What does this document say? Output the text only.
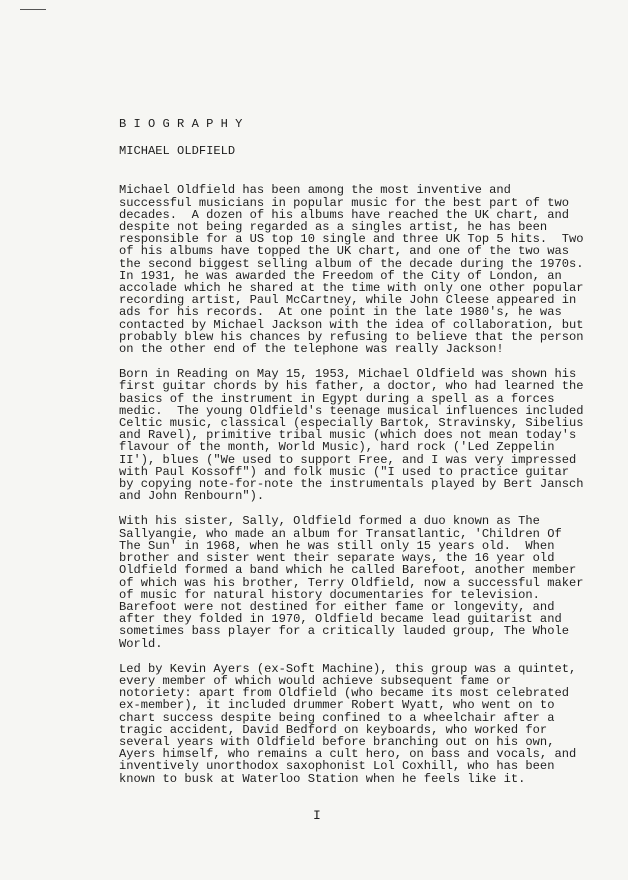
B I O G R A P H Y
MICHAEL OLDFIELD
Michael Oldfield has been among the most inventive and
successful musicians in popular music for the best part of two
decades.  A dozen of his albums have reached the UK chart, and
despite not being regarded as a singles artist, he has been
responsible for a US top 10 single and three UK Top 5 hits.  Two
of his albums have topped the UK chart, and one of the two was
the second biggest selling album of the decade during the 1970s.
In 1931, he was awarded the Freedom of the City of London, an
accolade which he shared at the time with only one other popular
recording artist, Paul McCartney, while John Cleese appeared in
ads for his records.  At one point in the late 1980's, he was
contacted by Michael Jackson with the idea of collaboration, but
probably blew his chances by refusing to believe that the person
on the other end of the telephone was really Jackson!
Born in Reading on May 15, 1953, Michael Oldfield was shown his
first guitar chords by his father, a doctor, who had learned the
basics of the instrument in Egypt during a spell as a forces
medic.  The young Oldfield's teenage musical influences included
Celtic music, classical (especially Bartok, Stravinsky, Sibelius
and Ravel), primitive tribal music (which does not mean today's
flavour of the month, World Music), hard rock ('Led Zeppelin
II'), blues ("We used to support Free, and I was very impressed
with Paul Kossoff") and folk music ("I used to practice guitar
by copying note-for-note the instrumentals played by Bert Jansch
and John Renbourn").
With his sister, Sally, Oldfield formed a duo known as The
Sallyangie, who made an album for Transatlantic, 'Children Of
The Sun' in 1968, when he was still only 15 years old.  When
brother and sister went their separate ways, the 16 year old
Oldfield formed a band which he called Barefoot, another member
of which was his brother, Terry Oldfield, now a successful maker
of music for natural history documentaries for television.
Barefoot were not destined for either fame or longevity, and
after they folded in 1970, Oldfield became lead guitarist and
sometimes bass player for a critically lauded group, The Whole
World.
Led by Kevin Ayers (ex-Soft Machine), this group was a quintet,
every member of which would achieve subsequent fame or
notoriety: apart from Oldfield (who became its most celebrated
ex-member), it included drummer Robert Wyatt, who went on to
chart success despite being confined to a wheelchair after a
tragic accident, David Bedford on keyboards, who worked for
several years with Oldfield before branching out on his own,
Ayers himself, who remains a cult hero, on bass and vocals, and
inventively unorthodox saxophonist Lol Coxhill, who has been
known to busk at Waterloo Station when he feels like it.
I
